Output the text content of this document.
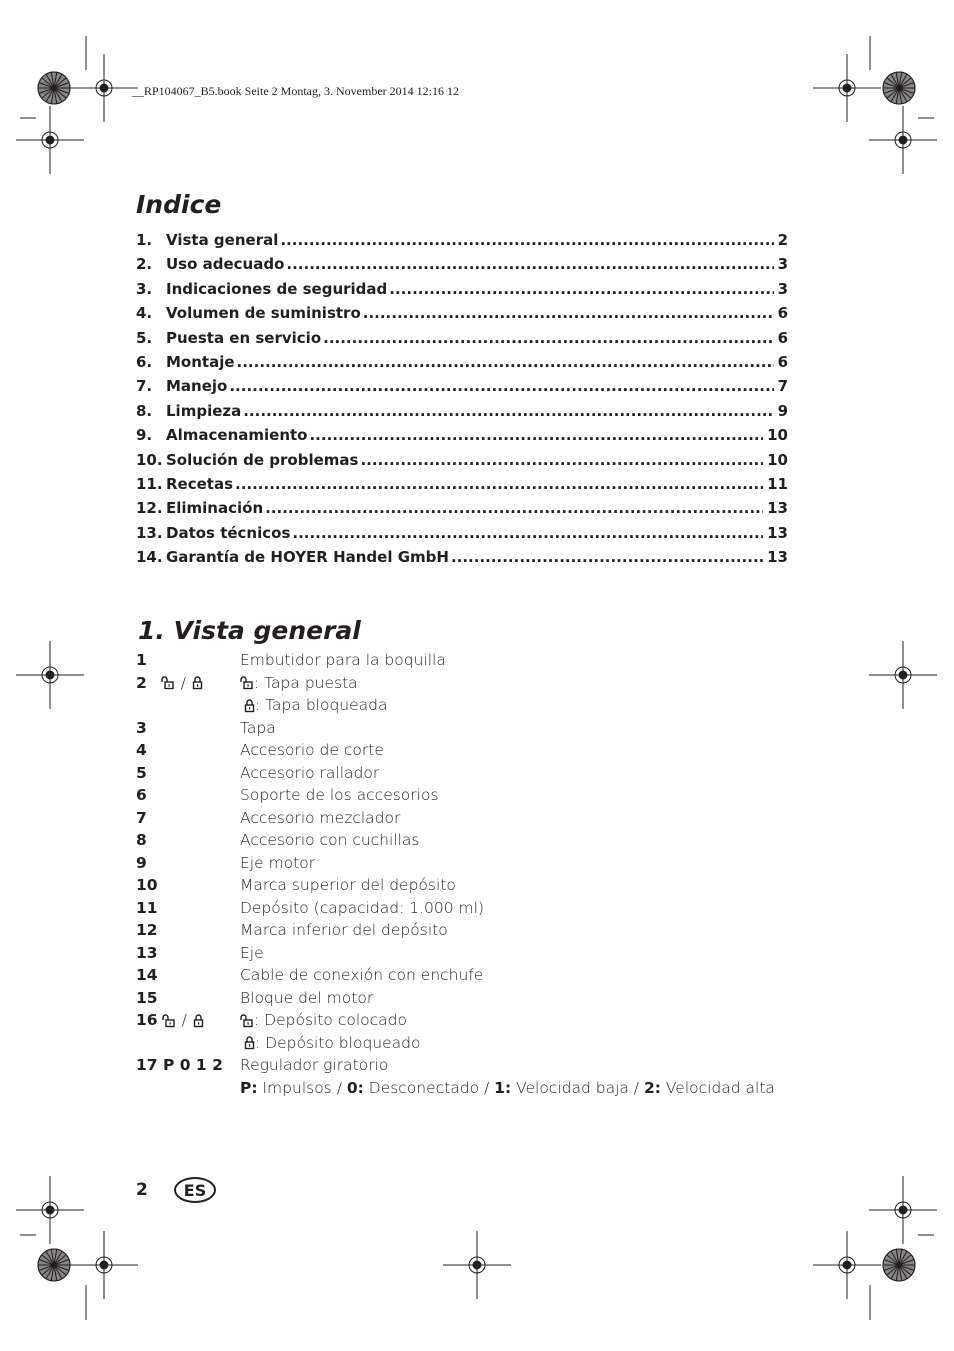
__RP104067_B5.book Seite 2 Montag, 3. November 2014 12:16 12
Indice
1. Vista general .....	2
2. Uso adecuado .....	3
3. Indicaciones de seguridad .....	3
4. Volumen de suministro .....	6
5. Puesta en servicio .....	6
6. Montaje .....	6
7. Manejo .....	7
8. Limpieza .....	9
9. Almacenamiento .....	10
10. Solución de problemas .....	10
11. Recetas .....	11
12. Eliminación .....	13
13. Datos técnicos .....	13
14. Garantía de HOYER Handel GmbH .....	13
1. Vista general
1	Embutidor para la boquilla
2 /	: Tapa puesta
: Tapa bloqueada
3	Tapa
4	Accesorio de corte
5	Accesorio rallador
6	Soporte de los accesorios
7	Accesorio mezclador
8	Accesorio con cuchillas
9	Eje motor
10	Marca superior del depósito
11	Depósito (capacidad: 1.000 ml)
12	Marca inferior del depósito
13	Eje
14	Cable de conexión con enchufe
15	Bloque del motor
16 /	: Depósito colocado
: Depósito bloqueado
17 P 0 1 2	Regulador giratorio
P: Impulsos / 0: Desconectado / 1: Velocidad baja / 2: Velocidad alta
2	ES
